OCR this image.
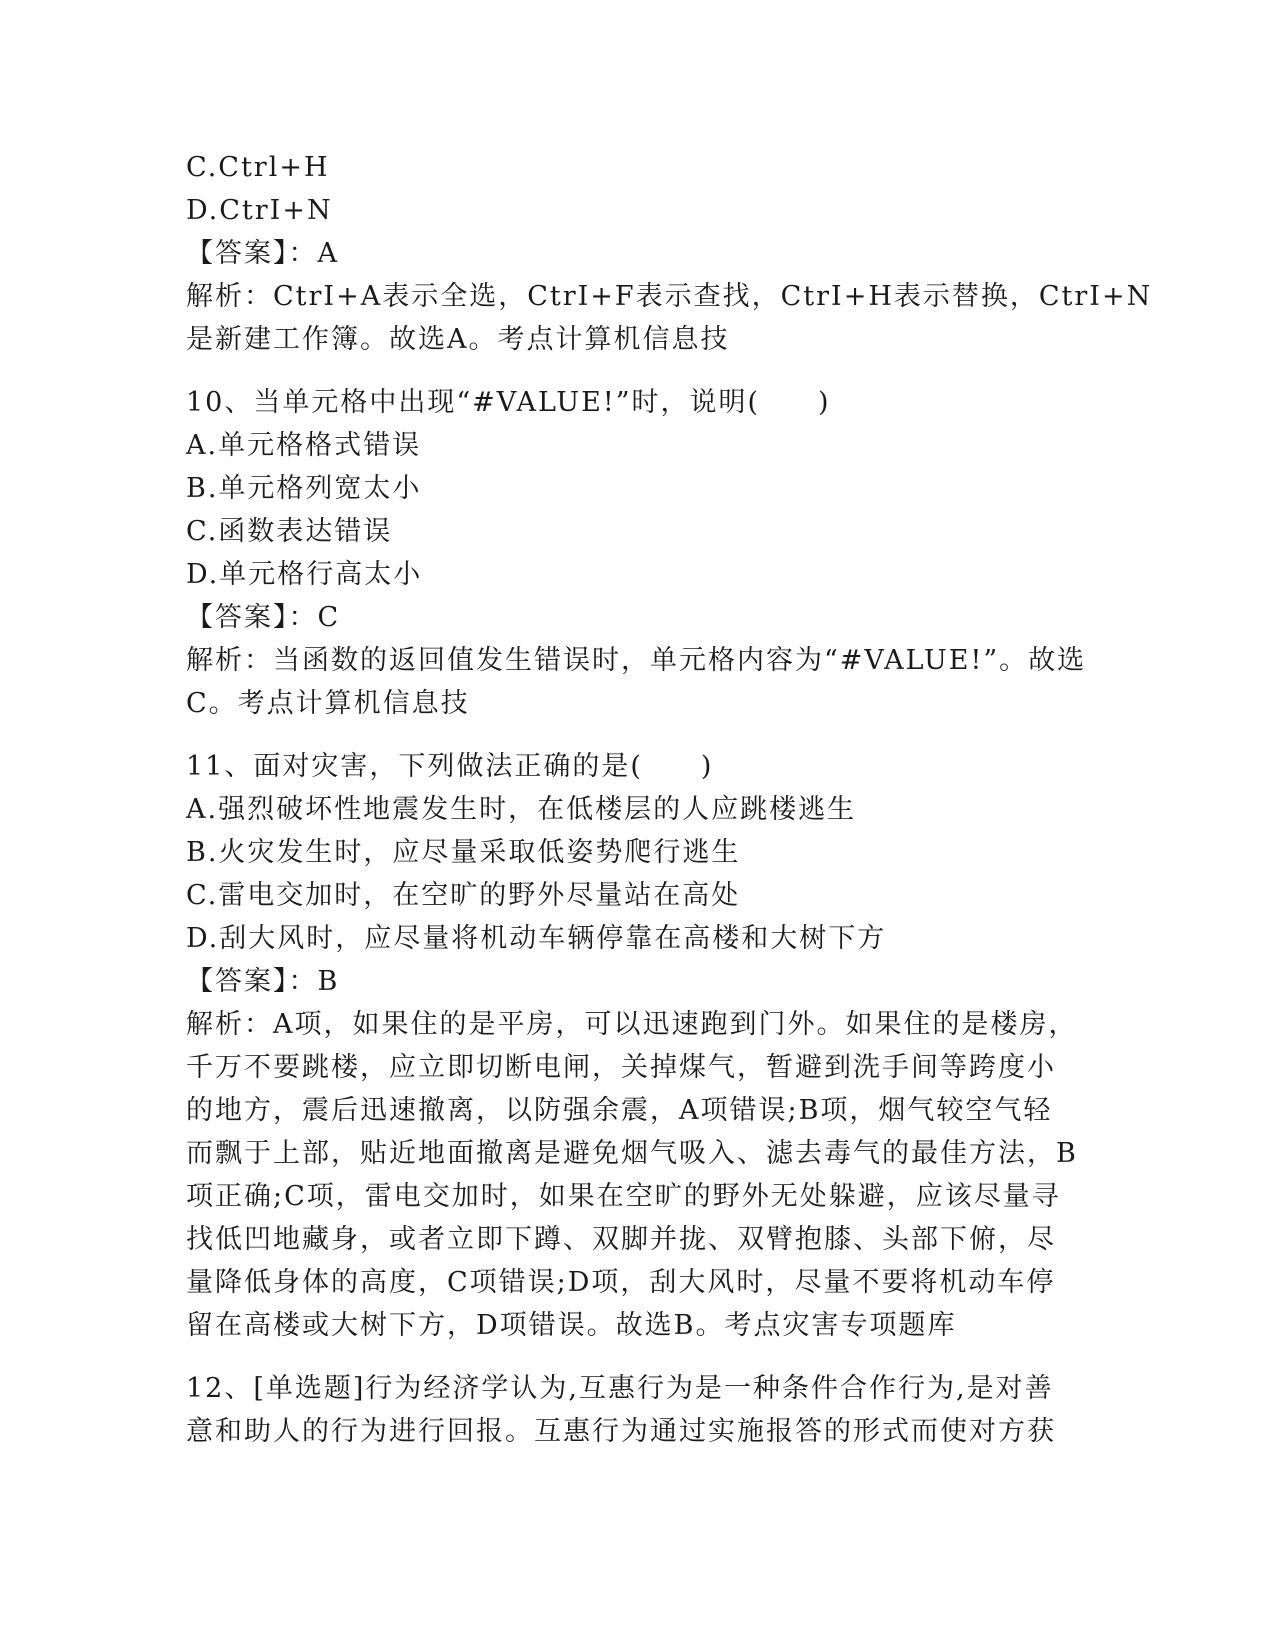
C.Ctrl+H
D.CtrI+N
【答案】：A
解析：CtrI+A表示全选，CtrI+F表示查找，CtrI+H表示替换，CtrI+N
是新建工作簿。故选A。考点计算机信息技
10、当单元格中出现“#VALUE!”时，说明(　　)
A.单元格格式错误
B.单元格列宽太小
C.函数表达错误
D.单元格行高太小
【答案】：C
解析：当函数的返回值发生错误时，单元格内容为“#VALUE!”。故选
C。考点计算机信息技
11、面对灾害，下列做法正确的是(　　)
A.强烈破坏性地震发生时，在低楼层的人应跳楼逃生
B.火灾发生时，应尽量采取低姿势爬行逃生
C.雷电交加时，在空旷的野外尽量站在高处
D.刮大风时，应尽量将机动车辆停靠在高楼和大树下方
【答案】：B
解析：A项，如果住的是平房，可以迅速跑到门外。如果住的是楼房，
千万不要跳楼，应立即切断电闸，关掉煤气，暂避到洗手间等跨度小
的地方，震后迅速撤离，以防强余震，A项错误;B项，烟气较空气轻
而飘于上部，贴近地面撤离是避免烟气吸入、滤去毒气的最佳方法，B
项正确;C项，雷电交加时，如果在空旷的野外无处躲避，应该尽量寻
找低凹地藏身，或者立即下蹲、双脚并拢、双臂抱膝、头部下俯，尽
量降低身体的高度，C项错误;D项，刮大风时，尽量不要将机动车停
留在高楼或大树下方，D项错误。故选B。考点灾害专项题库
12、[单选题]行为经济学认为,互惠行为是一种条件合作行为,是对善
意和助人的行为进行回报。互惠行为通过实施报答的形式而使对方获
